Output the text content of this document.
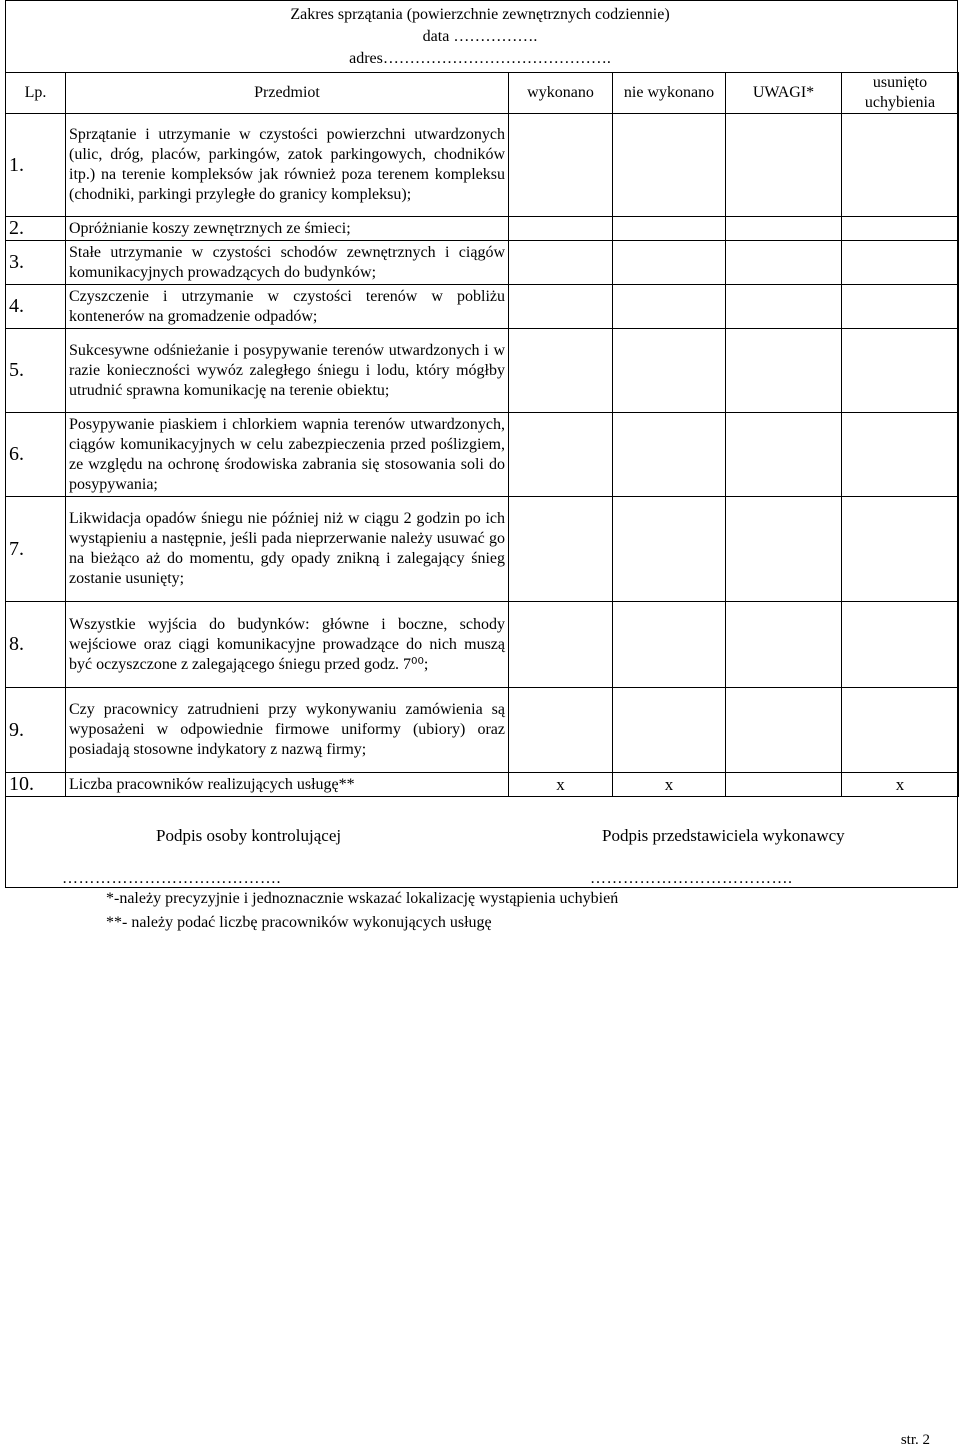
Zakres sprzątania (powierzchnie zewnętrznych codziennie)
data …………….
adres…………………………………….
Lp.	Przedmiot	wykonano	nie wykonano	UWAGI*	usunięto uchybienia
1.	Sprzątanie i utrzymanie w czystości powierzchni utwardzonych (ulic, dróg, placów, parkingów, zatok parkingowych, chodników itp.) na terenie kompleksów jak również poza terenem kompleksu (chodniki, parkingi przyległe do granicy kompleksu);				
2.	Opróżnianie koszy zewnętrznych ze śmieci;				
3.	Stałe utrzymanie w czystości schodów zewnętrznych i ciągów komunikacyjnych prowadzących do budynków;				
4.	Czyszczenie i utrzymanie w czystości terenów w pobliżu kontenerów na gromadzenie odpadów;				
5.	Sukcesywne odśnieżanie i posypywanie terenów utwardzonych i w razie konieczności wywóz zaległego śniegu i lodu, który mógłby utrudnić sprawna komunikację na terenie obiektu;				
6.	Posypywanie piaskiem i chlorkiem wapnia terenów utwardzonych, ciągów komunikacyjnych w celu zabezpieczenia przed poślizgiem, ze względu na ochronę środowiska zabrania się stosowania soli do posypywania;				
7.	Likwidacja opadów śniegu nie później niż w ciągu 2 godzin po ich wystąpieniu a następnie, jeśli pada nieprzerwanie należy usuwać go na bieżąco aż do momentu, gdy opady znikną i zalegający śnieg zostanie usunięty;				
8.	Wszystkie wyjścia do budynków: główne i boczne, schody wejściowe oraz ciągi komunikacyjne prowadzące do nich muszą być oczyszczone z zalegającego śniegu przed godz. 7⁰⁰;				
9.	Czy pracownicy zatrudnieni przy wykonywaniu zamówienia są wyposażeni w odpowiednie firmowe uniformy (ubiory) oraz posiadają stosowne indykatory z nazwą firmy;				
10.	Liczba pracowników realizujących usługę**	x	x		x
Podpis osoby kontrolującej	Podpis przedstawiciela wykonawcy
………………………………….	……………………………….
*-należy precyzyjnie i jednoznacznie wskazać lokalizację wystąpienia uchybień
**- należy podać liczbę pracowników wykonujących usługę
str. 2
